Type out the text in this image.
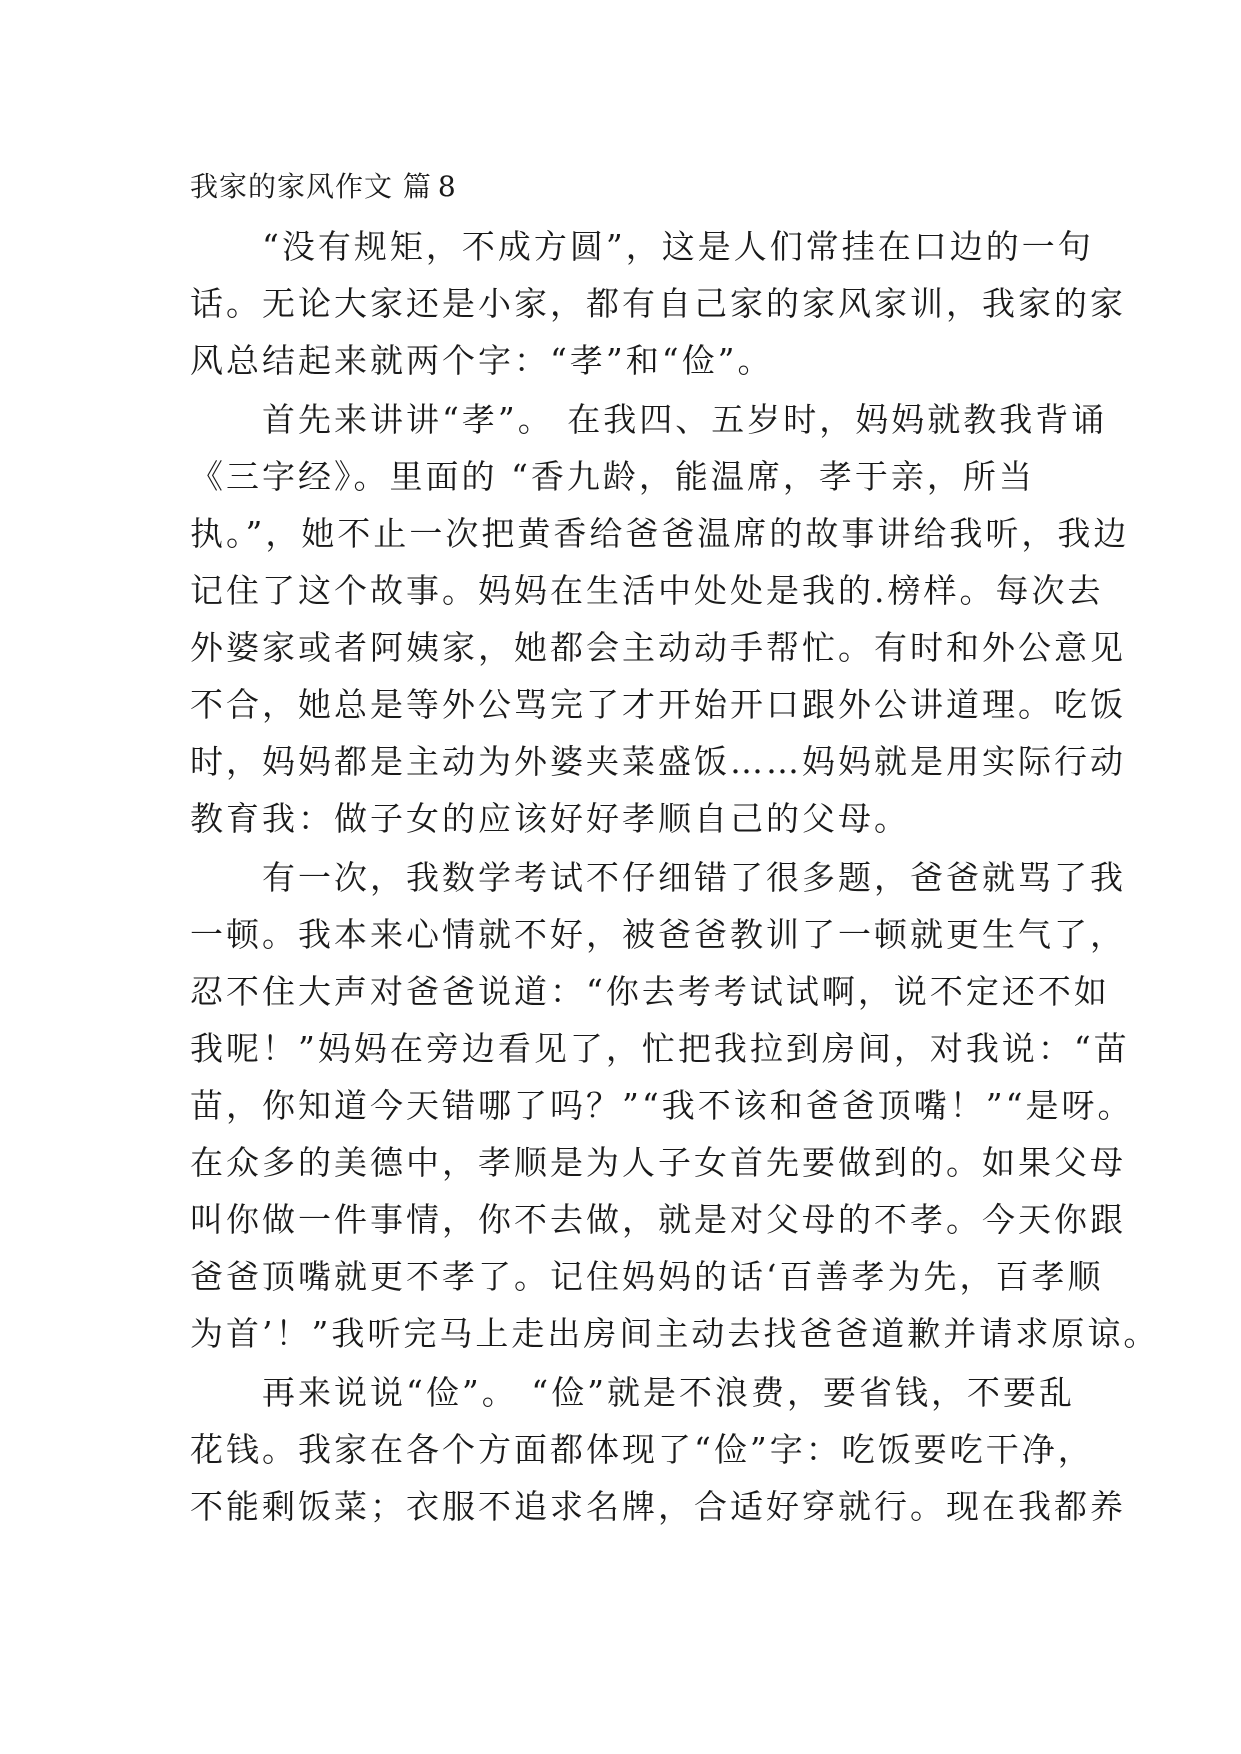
我家的家风作文 篇 8
　　“没有规矩，不成方圆”，这是人们常挂在口边的一句
话。无论大家还是小家，都有自己家的家风家训，我家的家
风总结起来就两个字：“孝”和“俭”。
　　首先来讲讲“孝”。 在我四、五岁时，妈妈就教我背诵
《三字经》。里面的 “香九龄，能温席，孝于亲，所当
执。”，她不止一次把黄香给爸爸温席的故事讲给我听，我边
记住了这个故事。妈妈在生活中处处是我的.榜样。每次去
外婆家或者阿姨家，她都会主动动手帮忙。有时和外公意见
不合，她总是等外公骂完了才开始开口跟外公讲道理。吃饭
时，妈妈都是主动为外婆夹菜盛饭……妈妈就是用实际行动
教育我：做子女的应该好好孝顺自己的父母。
　　有一次，我数学考试不仔细错了很多题，爸爸就骂了我
一顿。我本来心情就不好，被爸爸教训了一顿就更生气了，
忍不住大声对爸爸说道：“你去考考试试啊，说不定还不如
我呢！”妈妈在旁边看见了，忙把我拉到房间，对我说：“苗
苗，你知道今天错哪了吗？”“我不该和爸爸顶嘴！”“是呀。
在众多的美德中，孝顺是为人子女首先要做到的。如果父母
叫你做一件事情，你不去做，就是对父母的不孝。今天你跟
爸爸顶嘴就更不孝了。记住妈妈的话‘百善孝为先，百孝顺
为首’！”我听完马上走出房间主动去找爸爸道歉并请求原谅。
　　再来说说“俭”。 “俭”就是不浪费，要省钱，不要乱
花钱。我家在各个方面都体现了“俭”字：吃饭要吃干净，
不能剩饭菜；衣服不追求名牌，合适好穿就行。现在我都养
